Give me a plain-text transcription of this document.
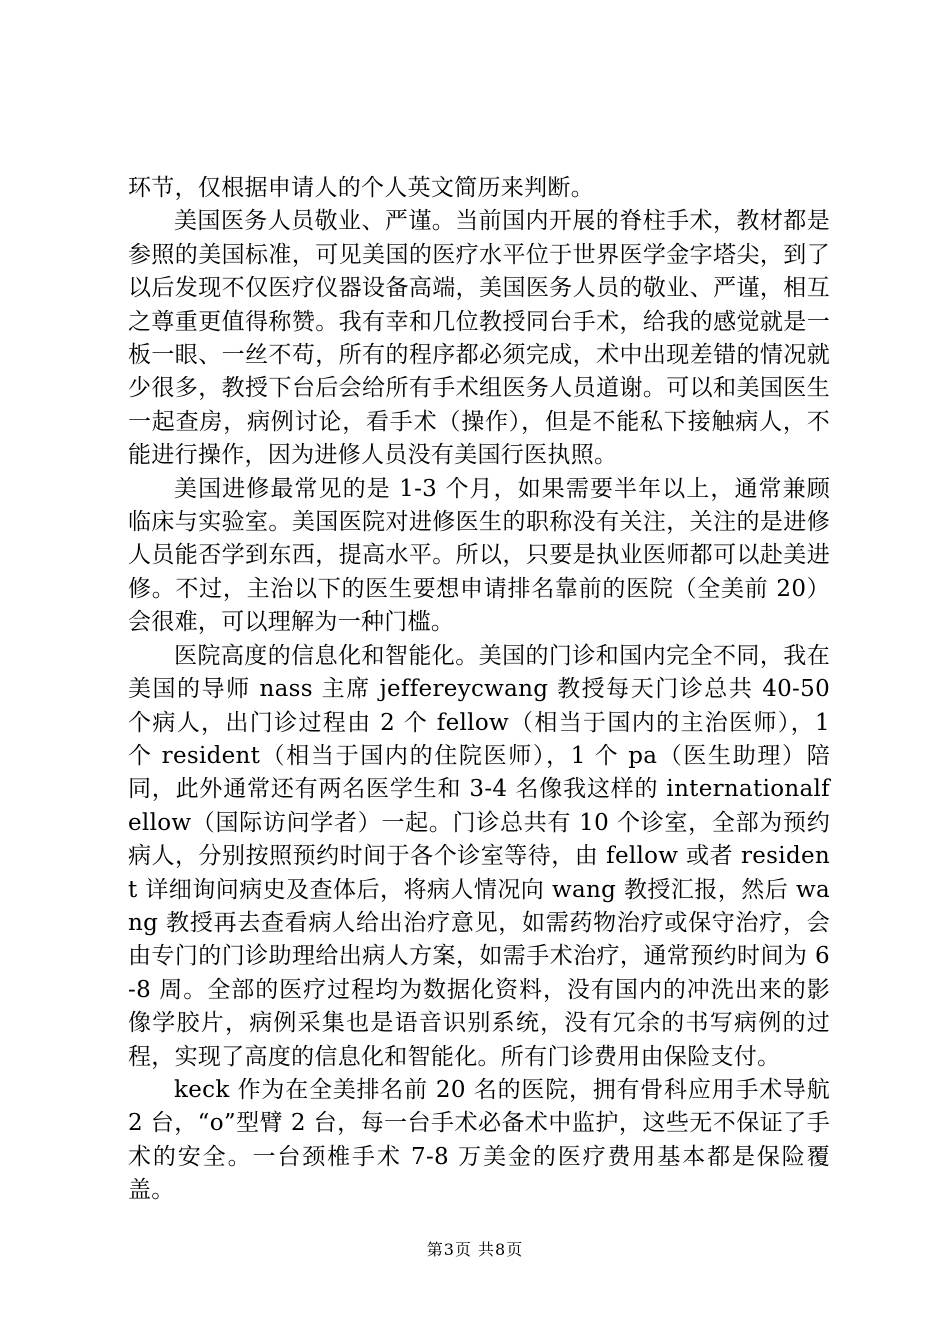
环节，仅根据申请人的个人英文简历来判断。

美国医务人员敬业、严谨。当前国内开展的脊柱手术，教材都是参照的美国标准，可见美国的医疗水平位于世界医学金字塔尖，到了以后发现不仅医疗仪器设备高端，美国医务人员的敬业、严谨，相互之尊重更值得称赞。我有幸和几位教授同台手术，给我的感觉就是一板一眼、一丝不苟，所有的程序都必须完成，术中出现差错的情况就少很多，教授下台后会给所有手术组医务人员道谢。可以和美国医生一起查房，病例讨论，看手术（操作），但是不能私下接触病人，不能进行操作，因为进修人员没有美国行医执照。

美国进修最常见的是 1-3 个月，如果需要半年以上，通常兼顾临床与实验室。美国医院对进修医生的职称没有关注，关注的是进修人员能否学到东西，提高水平。所以，只要是执业医师都可以赴美进修。不过，主治以下的医生要想申请排名靠前的医院（全美前 20）会很难，可以理解为一种门槛。

医院高度的信息化和智能化。美国的门诊和国内完全不同，我在美国的导师 nass 主席 jefferеycwang 教授每天门诊总共 40-50 个病人，出门诊过程由 2 个 fellow（相当于国内的主治医师），1 个 resident（相当于国内的住院医师），1 个 pa（医生助理）陪同，此外通常还有两名医学生和 3-4 名像我这样的 internationalfellow（国际访问学者）一起。门诊总共有 10 个诊室，全部为预约病人，分别按照预约时间于各个诊室等待，由 fellow 或者 resident 详细询问病史及查体后，将病人情况向 wang 教授汇报，然后 wang 教授再去查看病人给出治疗意见，如需药物治疗或保守治疗，会由专门的门诊助理给出病人方案，如需手术治疗，通常预约时间为 6-8 周。全部的医疗过程均为数据化资料，没有国内的冲洗出来的影像学胶片，病例采集也是语音识别系统，没有冗余的书写病例的过程，实现了高度的信息化和智能化。所有门诊费用由保险支付。

keck 作为在全美排名前 20 名的医院，拥有骨科应用手术导航 2 台，“o”型臂 2 台，每一台手术必备术中监护，这些无不保证了手术的安全。一台颈椎手术 7-8 万美金的医疗费用基本都是保险覆盖。

第3页 共8页
